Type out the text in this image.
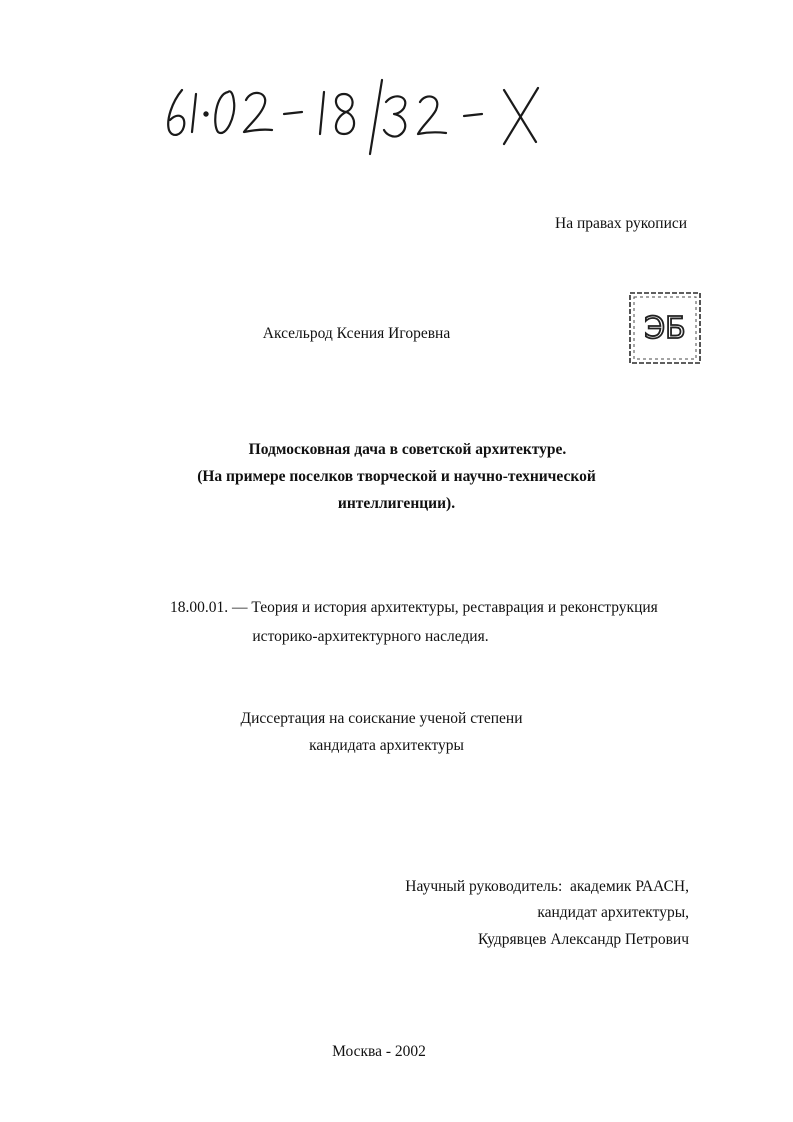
ЭБ
На правах рукописи
Аксельрод Ксения Игоревна
Подмосковная дача в советской архитектуре.
(На примере поселков творческой и научно-технической
интеллигенции).
18.00.01. — Теория и история архитектуры, реставрация и реконструкция
историко-архитектурного наследия.
Диссертация на соискание ученой степени
кандидата архитектуры
Научный руководитель:  академик РААСН,
кандидат архитектуры,
Кудрявцев Александр Петрович
Москва - 2002
